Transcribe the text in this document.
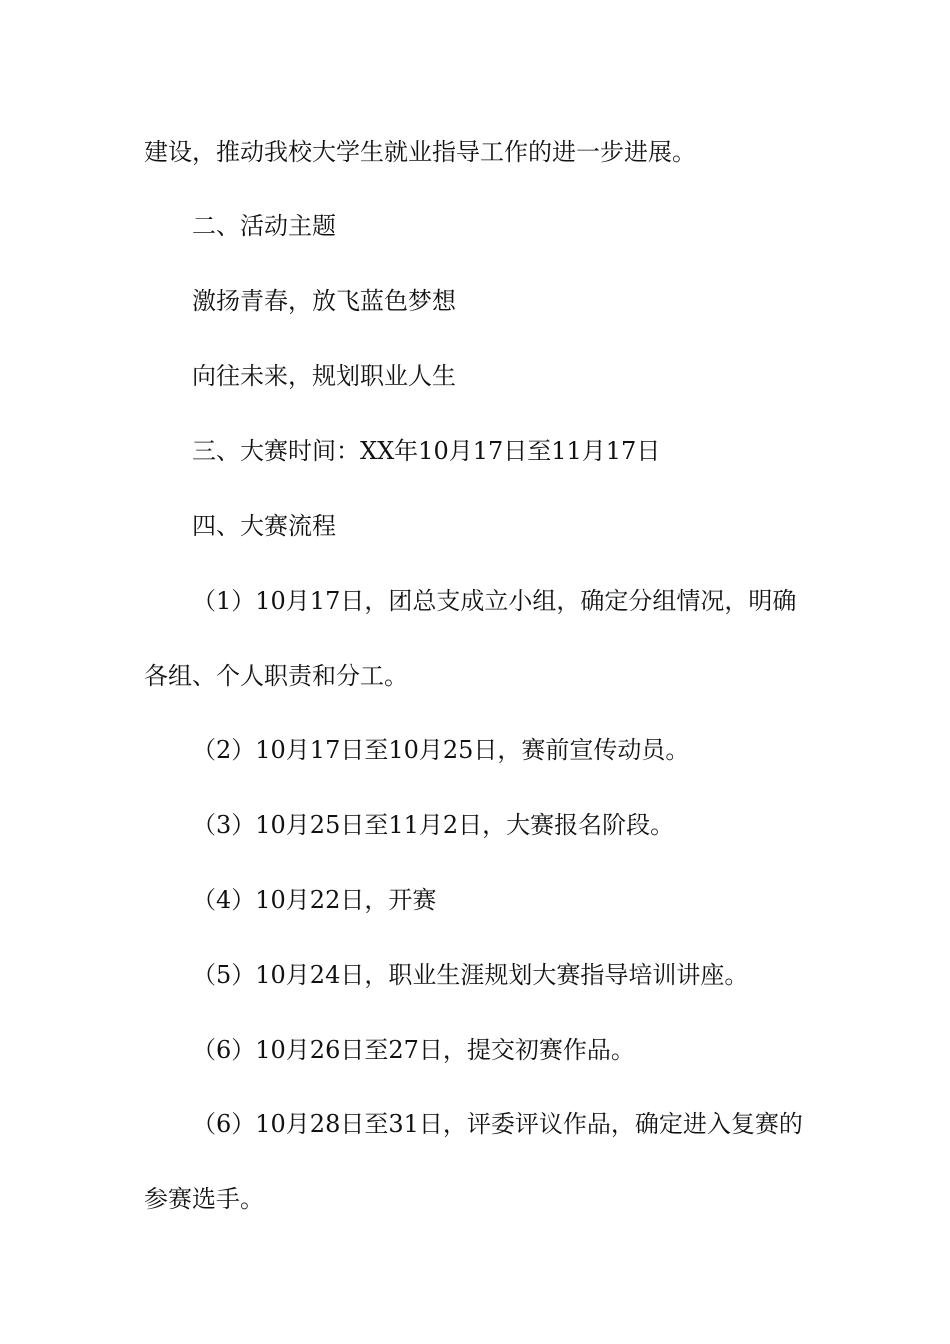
建设，推动我校大学生就业指导工作的进一步进展。
二、活动主题
激扬青春，放飞蓝色梦想
向往未来，规划职业人生
三、大赛时间：XX年10月17日至11月17日
四、大赛流程
（1）10月17日，团总支成立小组，确定分组情况，明确
各组、个人职责和分工。
（2）10月17日至10月25日，赛前宣传动员。
（3）10月25日至11月2日，大赛报名阶段。
（4）10月22日，开赛
（5）10月24日，职业生涯规划大赛指导培训讲座。
（6）10月26日至27日，提交初赛作品。
（6）10月28日至31日，评委评议作品，确定进入复赛的
参赛选手。
